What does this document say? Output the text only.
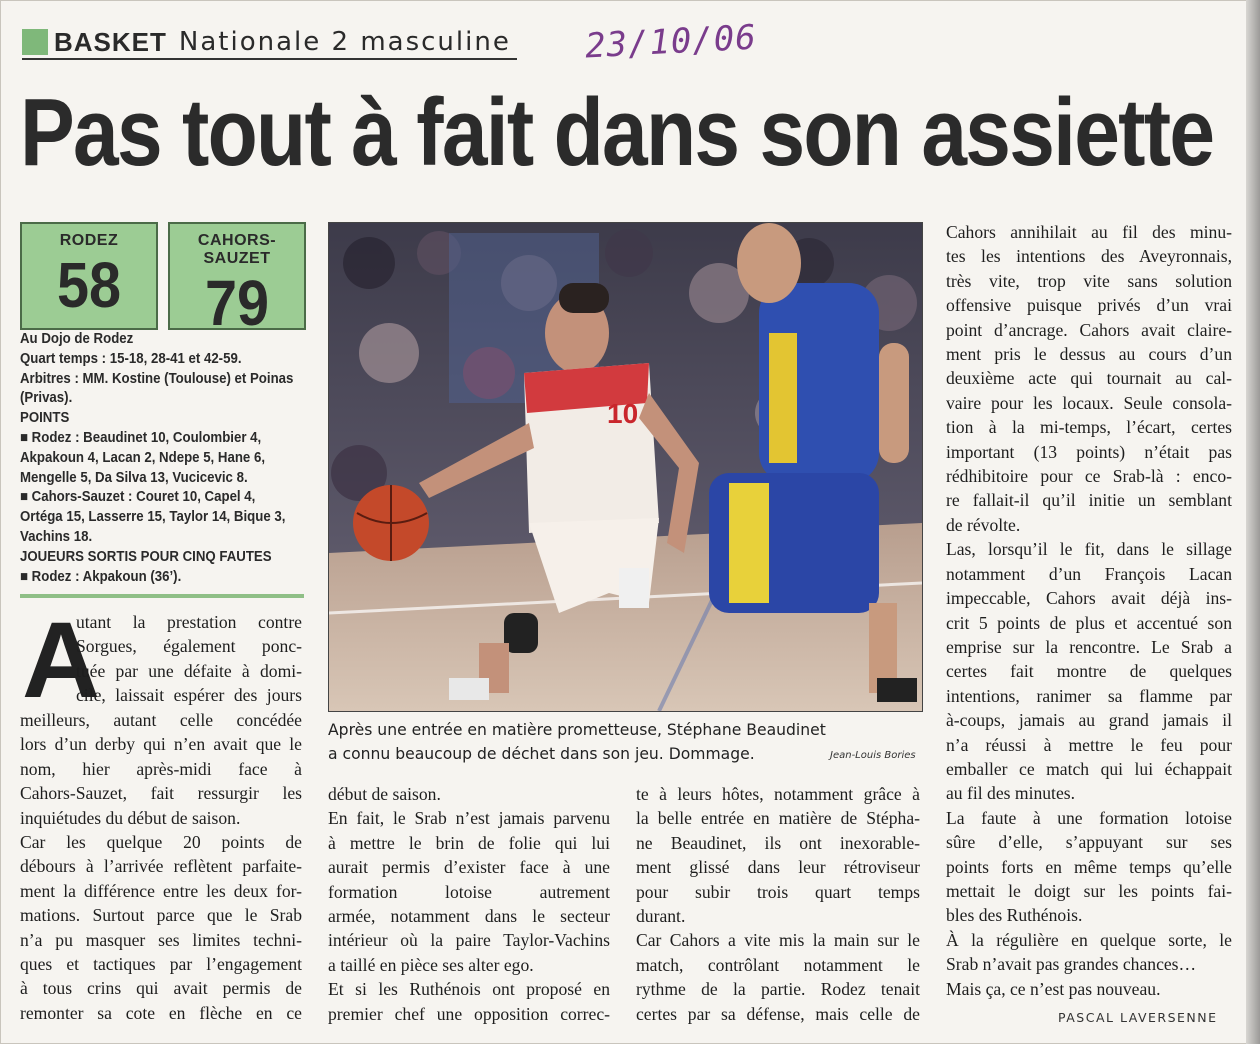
BASKET Nationale 2 masculine 23/10/06
Pas tout à fait dans son assiette
RODEZ
58
CAHORS-SAUZET
79
Au Dojo de Rodez
Quart temps : 15-18, 28-41 et 42-59.
Arbitres : MM. Kostine (Toulouse) et Poinas
(Privas).
POINTS
■ Rodez : Beaudinet 10, Coulombier 4,
Akpakoun 4, Lacan 2, Ndepe 5, Hane 6,
Mengelle 5, Da Silva 13, Vucicevic 8.
■ Cahors-Sauzet : Couret 10, Capel 4,
Ortéga 15, Lasserre 15, Taylor 14, Bique 3,
Vachins 18.
JOUEURS SORTIS POUR CINQ FAUTES
■ Rodez : Akpakoun (36’).
A
utant la prestation contre
Sorgues, également ponc-
tuée par une défaite à domi-
cile, laissait espérer des jours
meilleurs, autant celle concédée
lors d’un derby qui n’en avait que le
nom, hier après-midi face à
Cahors-Sauzet, fait ressurgir les
inquiétudes du début de saison.
Car les quelque 20 points de
débours à l’arrivée reflètent parfaite-
ment la différence entre les deux for-
mations. Surtout parce que le Srab
n’a pu masquer ses limites techni-
ques et tactiques par l’engagement
à tous crins qui avait permis de
remonter sa cote en flèche en ce
début de saison.
En fait, le Srab n’est jamais parvenu
à mettre le brin de folie qui lui
aurait permis d’exister face à une
formation lotoise autrement
armée, notamment dans le secteur
intérieur où la paire Taylor-Vachins
a taillé en pièce ses alter ego.
Et si les Ruthénois ont proposé en
premier chef une opposition correc-
te à leurs hôtes, notamment grâce à
la belle entrée en matière de Stépha-
ne Beaudinet, ils ont inexorable-
ment glissé dans leur rétroviseur
pour subir trois quart temps
durant.
Car Cahors a vite mis la main sur le
match, contrôlant notamment le
rythme de la partie. Rodez tenait
certes par sa défense, mais celle de
Cahors annihilait au fil des minu-
tes les intentions des Aveyronnais,
très vite, trop vite sans solution
offensive puisque privés d’un vrai
point d’ancrage. Cahors avait claire-
ment pris le dessus au cours d’un
deuxième acte qui tournait au cal-
vaire pour les locaux. Seule consola-
tion à la mi-temps, l’écart, certes
important (13 points) n’était pas
rédhibitoire pour ce Srab-là : enco-
re fallait-il qu’il initie un semblant
de révolte.
Las, lorsqu’il le fit, dans le sillage
notamment d’un François Lacan
impeccable, Cahors avait déjà ins-
crit 5 points de plus et accentué son
emprise sur la rencontre. Le Srab a
certes fait montre de quelques
intentions, ranimer sa flamme par
à-coups, jamais au grand jamais il
n’a réussi à mettre le feu pour
emballer ce match qui lui échappait
au fil des minutes.
La faute à une formation lotoise
sûre d’elle, s’appuyant sur ses
points forts en même temps qu’elle
mettait le doigt sur les points fai-
bles des Ruthénois.
À la régulière en quelque sorte, le
Srab n’avait pas grandes chances…
Mais ça, ce n’est pas nouveau.
10
Après une entrée en matière prometteuse, Stéphane Beaudinet
a connu beaucoup de déchet dans son jeu. Dommage.	Jean-Louis Bories
PASCAL LAVERSENNE
